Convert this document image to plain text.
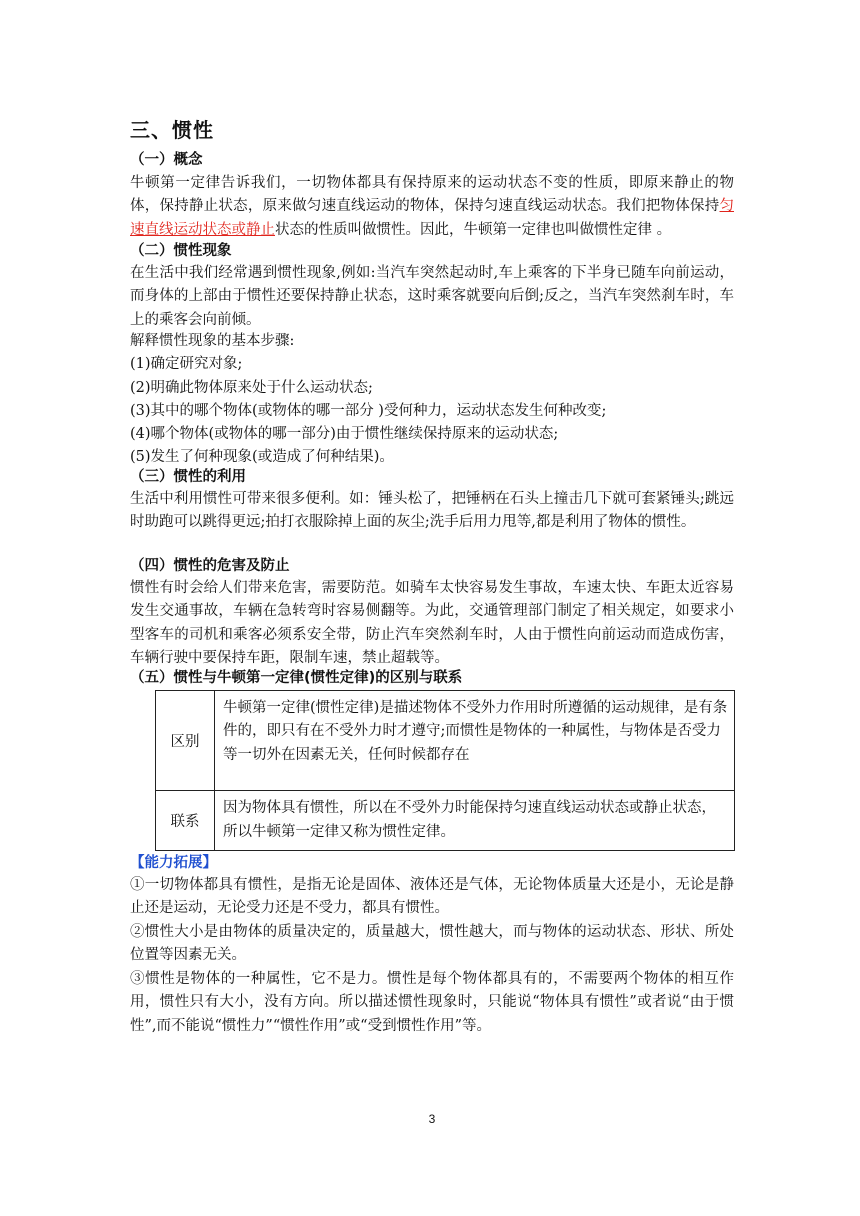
三、惯性
（一）概念
牛顿第一定律告诉我们，一切物体都具有保持原来的运动状态不变的性质，即原来静止的物体，保持静止状态，原来做匀速直线运动的物体，保持匀速直线运动状态。我们把物体保持匀速直线运动状态或静止状态的性质叫做惯性。因此，牛顿第一定律也叫做惯性定律 。
（二）惯性现象
在生活中我们经常遇到惯性现象,例如:当汽车突然起动时,车上乘客的下半身已随车向前运动，而身体的上部由于惯性还要保持静止状态，这时乘客就要向后倒;反之，当汽车突然刹车时，车上的乘客会向前倾。
解释惯性现象的基本步骤:
(1)确定研究对象;
(2)明确此物体原来处于什么运动状态;
(3)其中的哪个物体(或物体的哪一部分 )受何种力，运动状态发生何种改变;
(4)哪个物体(或物体的哪一部分)由于惯性继续保持原来的运动状态;
(5)发生了何种现象(或造成了何种结果)。
（三）惯性的利用
生活中利用惯性可带来很多便利。如：锤头松了，把锤柄在石头上撞击几下就可套紧锤头;跳远时助跑可以跳得更远;拍打衣服除掉上面的灰尘;洗手后用力甩等,都是利用了物体的惯性。
（四）惯性的危害及防止
惯性有时会给人们带来危害，需要防范。如骑车太快容易发生事故，车速太快、车距太近容易发生交通事故，车辆在急转弯时容易侧翻等。为此，交通管理部门制定了相关规定，如要求小型客车的司机和乘客必须系安全带，防止汽车突然刹车时，人由于惯性向前运动而造成伤害，车辆行驶中要保持车距，限制车速，禁止超载等。
（五）惯性与牛顿第一定律(惯性定律)的区别与联系
区别	牛顿第一定律(惯性定律)是描述物体不受外力作用时所遵循的运动规律，是有条件的，即只有在不受外力时才遵守;而惯性是物体的一种属性，与物体是否受力等一切外在因素无关，任何时候都存在
联系	因为物体具有惯性，所以在不受外力时能保持匀速直线运动状态或静止状态，所以牛顿第一定律又称为惯性定律。
【能力拓展】
①一切物体都具有惯性，是指无论是固体、液体还是气体，无论物体质量大还是小，无论是静止还是运动，无论受力还是不受力，都具有惯性。
②惯性大小是由物体的质量决定的，质量越大，惯性越大，而与物体的运动状态、形状、所处位置等因素无关。
③惯性是物体的一种属性，它不是力。惯性是每个物体都具有的，不需要两个物体的相互作用，惯性只有大小，没有方向。所以描述惯性现象时，只能说“物体具有惯性”或者说“由于惯性”,而不能说“惯性力”“惯性作用”或“受到惯性作用”等。
3
